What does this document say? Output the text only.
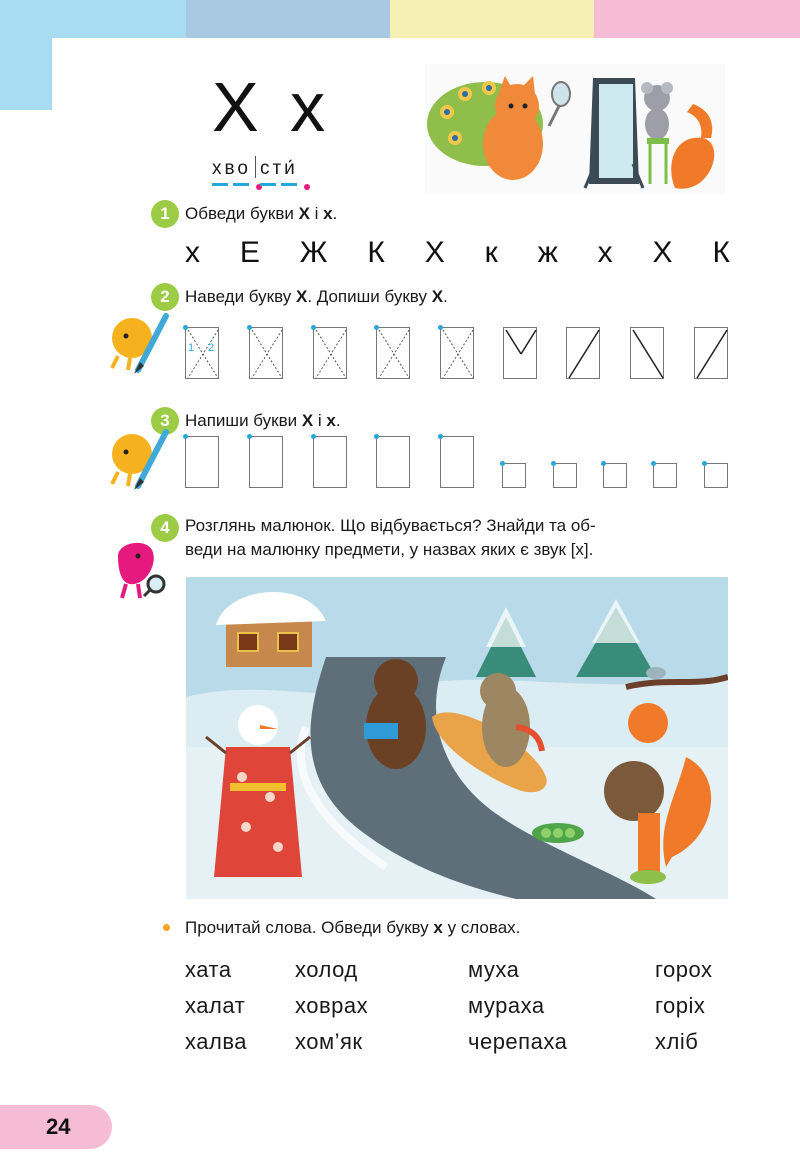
X x
хво сти́
1 Обведи букви Х і х.
х Е Ж К Х к ж х Х К
2 Наведи букву Х. Допиши букву Х.
1 2
3 Напиши букви Х і х.
4 Розглянь малюнок. Що відбувається? Знайди та об-
веди на малюнку предмети, у назвах яких є звук [х].
Прочитай слова. Обведи букву х у словах.
хата	холод	муха	горох
халат	ховрах	мураха	горіх
халва	хом’як	черепаха	хліб
24
